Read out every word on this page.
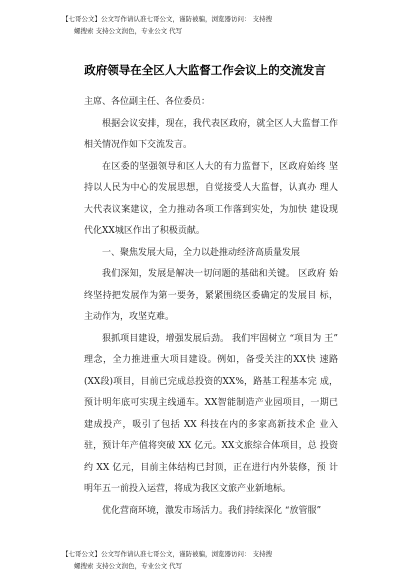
【七哥公文】公文写作请认准七哥公文，谨防被骗，浏览器访问： 支持搜
螺搜索 支持公文润色，专业公文 代写
政府领导在全区人大监督工作会议上的交流发言

主席、各位副主任、各位委员：

根据会议安排，现在，我代表区政府，就全区人大监督工作相关情况作如下交流发言。

在区委的坚强领导和区人大的有力监督下，区政府始终 坚持以人民为中心的发展思想，自觉接受人大监督，认真办 理人大代表议案建议，全力推动各项工作落到实处，为加快 建设现代化XX城区作出了积极贡献。

一、聚焦发展大局，全力以赴推动经济高质量发展

我们深知，发展是解决一切问题的基础和关键。 区政府 始终坚持把发展作为第一要务，紧紧围绕区委确定的发展目 标，主动作为，攻坚克难。

狠抓项目建设，增强发展后劲。 我们牢固树立 “项目为 王” 理念，全力推进重大项目建设。例如，备受关注的XX快 速路(XX段)项目，目前已完成总投资的XX%，路基工程基本完 成，预计明年底可实现主线通车。XX智能制造产业园项目，一期已建成投产，吸引了包括 XX 科技在内的多家高新技术企 业入驻，预计年产值将突破 XX 亿元。XX文旅综合体项目，总 投资约 XX 亿元，目前主体结构已封顶，正在进行内外装修，预 计明年五一前投入运营，将成为我区文旅产业新地标。

优化营商环境，激发市场活力。我们持续深化 “放管服”

【七哥公文】公文写作请认准七哥公文，谨防被骗，浏览器访问： 支持搜
螺搜索 支持公文润色，专业公文 代写
